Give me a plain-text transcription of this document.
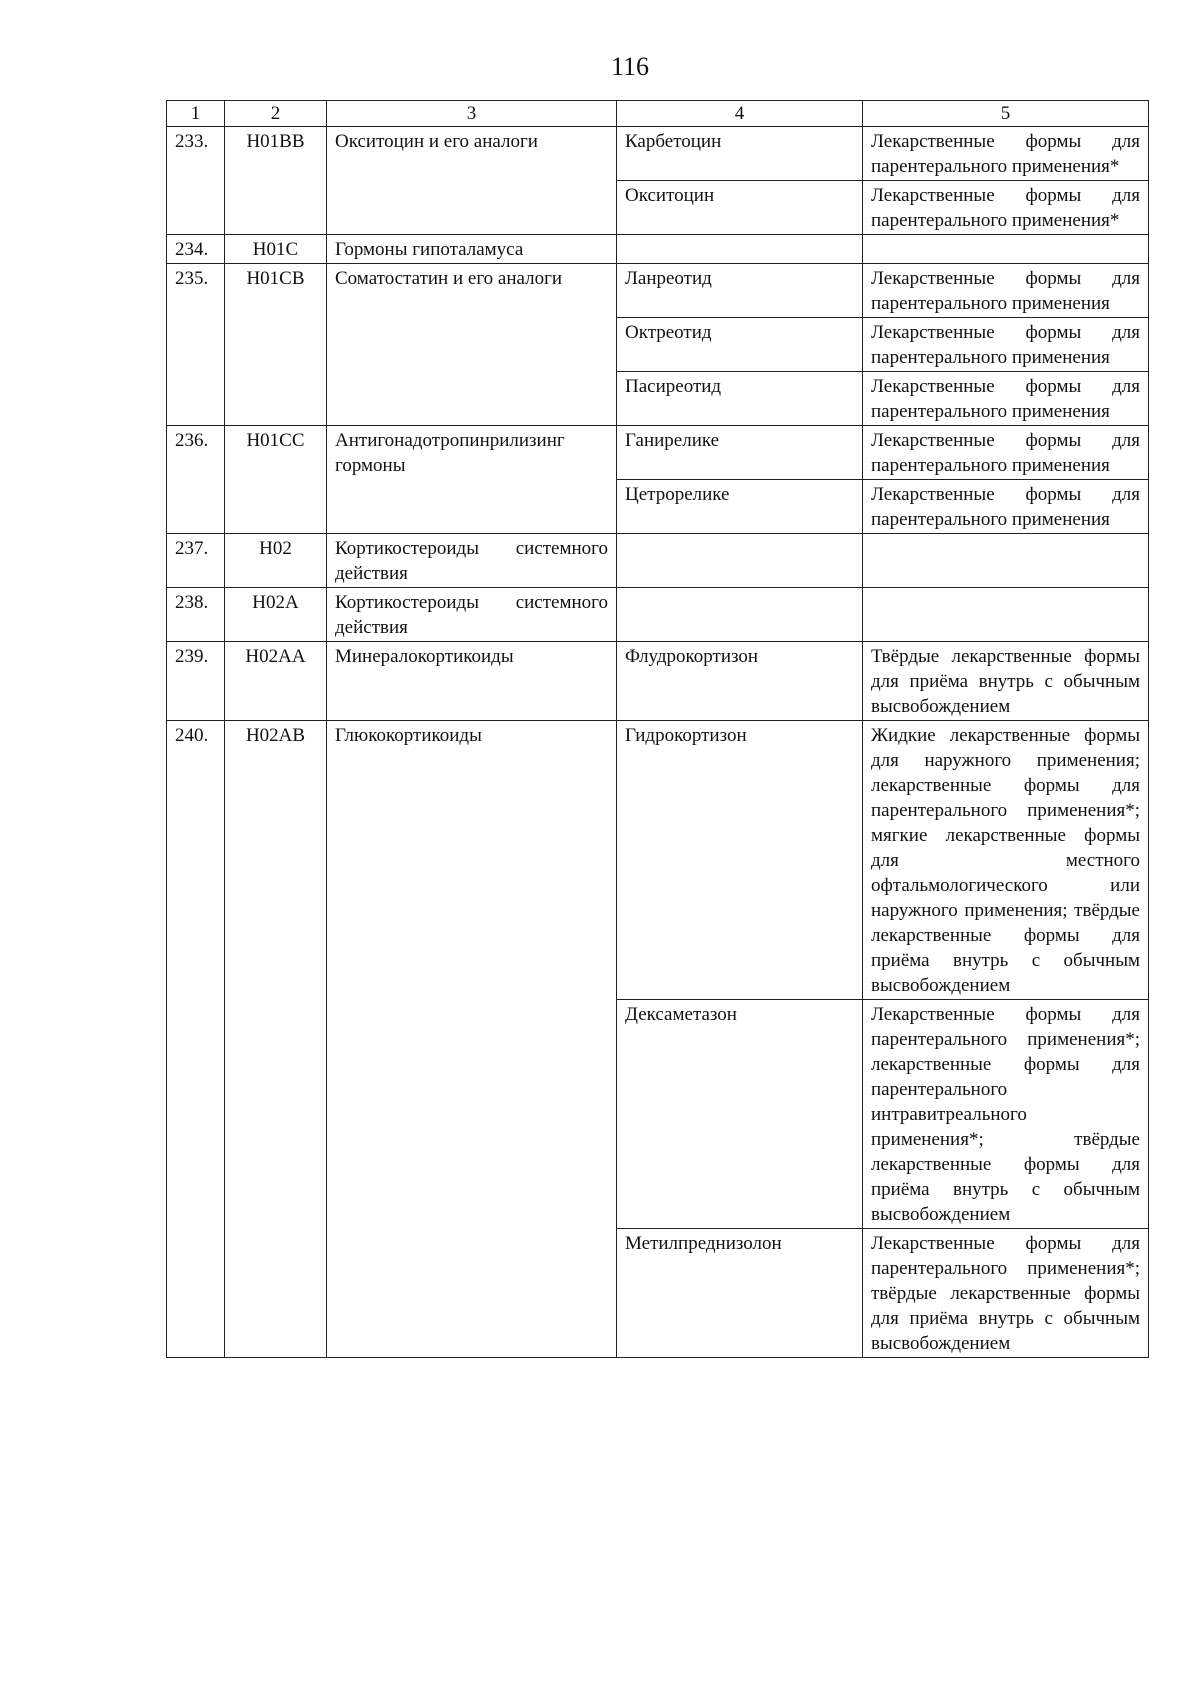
116
1	2	3	4	5
233.	H01BB	Окситоцин и его аналоги	Карбетоцин	Лекарственные формы для парентерального применения*
			Окситоцин	Лекарственные формы для парентерального применения*
234.	H01C	Гормоны гипоталамуса		
235.	H01CB	Соматостатин и его аналоги	Ланреотид	Лекарственные формы для парентерального применения
			Октреотид	Лекарственные формы для парентерального применения
			Пасиреотид	Лекарственные формы для парентерального применения
236.	H01CC	Антигонадотропинрилизинг гормоны	Ганирелике	Лекарственные формы для парентерального применения
			Цетрорелике	Лекарственные формы для парентерального применения
237.	H02	Кортикостероиды системного действия		
238.	H02A	Кортикостероиды системного действия		
239.	H02AA	Минералокортикоиды	Флудрокортизон	Твёрдые лекарственные формы для приёма внутрь с обычным высвобождением
240.	H02AB	Глюкокортикоиды	Гидрокортизон	Жидкие лекарственные формы для наружного применения; лекарственные формы для парентерального применения*; мягкие лекарственные формы для местного офтальмологического или наружного применения; твёрдые лекарственные формы для приёма внутрь с обычным высвобождением
			Дексаметазон	Лекарственные формы для парентерального применения*; лекарственные формы для парентерального интравитреального применения*; твёрдые лекарственные формы для приёма внутрь с обычным высвобождением
			Метилпреднизолон	Лекарственные формы для парентерального применения*; твёрдые лекарственные формы для приёма внутрь с обычным высвобождением
